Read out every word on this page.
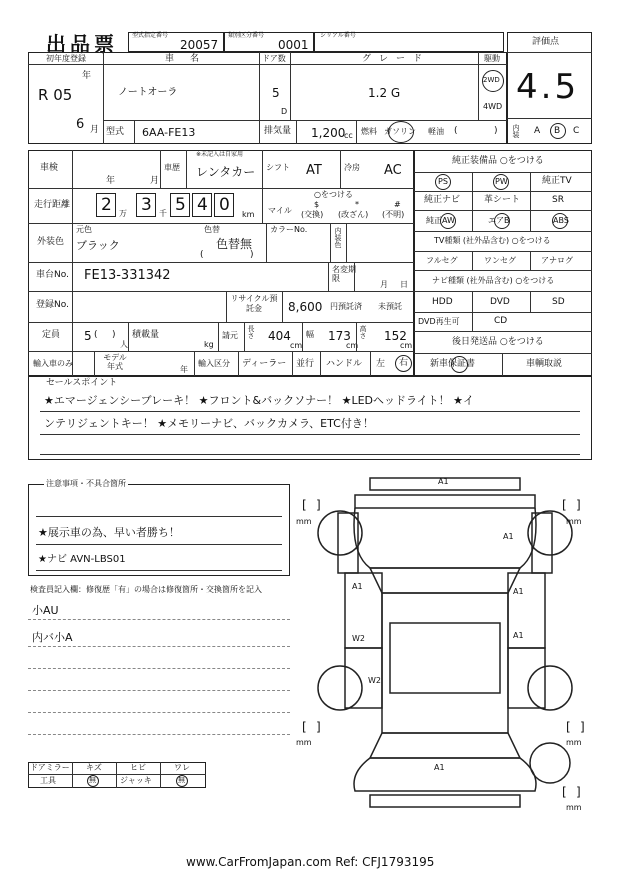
出品票 型式指定番号
20057
類別区分番号
0001
シリアル番号
評価点
4.5
内装 A B C
初年度登録
年
R 05
6 月
車名
ノートオーラ
型式 6AA-FE13
ドア数
5
D
グレード
1.2 G
駆動
2WD
4WD
排気量 1,200
cc 燃料 ガソリン 軽油 (	)
車検
年	月
車歴
※未記入は自家用
レンタカー シフト AT	冷房 AC
走行距離 2 万 3 千 5 4 0 km
○をつける
マイル
$
(交換)
*
(改ざん)
#
(不明)
外装色
元色
ブラック
色替
色替無
(	)
カラーNo.	内装色
車台No. FE13-331342	名変期限
月 日
登録No.
リサイクル預託金	8,600 円預託済 未預託
定員 5 ( )
人
積載量
kg
請元 長さ 404
cm
幅 173
cm
高さ 152
cm
輸入車のみ
モデル年式	年
輸入区分 ディーラー 並行 ハンドル 左 右
純正装備品 ○をつける
PS	PW	純正TV
純正ナビ	革シート	SR
純正AW	エアB	ABS
TV種類 (社外品含む) ○をつける
フルセグ	ワンセグ	アナログ
ナビ種類 (社外品含む) ○をつける
HDD	DVD	SD
DVD再生可	CD
後日発送品 ○をつける
新車保証書	車輌取説
セールスポイント
★エマージェンシーブレーキ！ ★フロント&バックソナー！ ★LEDヘッドライト！ ★イ
ンテリジェントキー！ ★メモリーナビ、バックカメラ、ETC付き！
注意事項・不具合箇所
★展示車の為、早い者勝ち！
★ナビ AVN-LBS01
検査員記入欄：修復歴「有」の場合は修復箇所・交換箇所を記入
小AU
内バ小A
ドアミラー キズ	ヒビ	ワレ
工具	無	ジャッキ	無
A1
A1
A1
A1
A1
W2	A1
W2
[ ]
mm
[ ]
mm
[ ]
mm
[ ]
mm
[ ]
mm
www.CarFromJapan.com Ref: CFJ1793195
